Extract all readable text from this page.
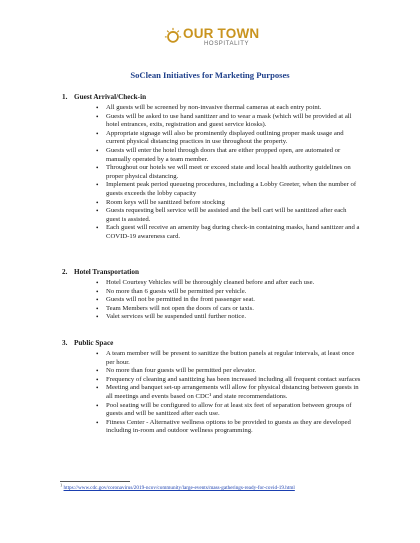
OUR TOWN
HOSPITALITY
SoClean Initiatives for Marketing Purposes
1. Guest Arrival/Check-in
• All guests will be screened by non-invasive thermal cameras at each entry point.
• Guests will be asked to use hand sanitizer and to wear a mask (which will be provided at all hotel entrances, exits, registration and guest service kiosks).
• Appropriate signage will also be prominently displayed outlining proper mask usage and current physical distancing practices in use throughout the property.
• Guests will enter the hotel through doors that are either propped open, are automated or manually operated by a team member.
• Throughout our hotels we will meet or exceed state and local health authority guidelines on proper physical distancing.
• Implement peak period queueing procedures, including a Lobby Greeter, when the number of guests exceeds the lobby capacity
• Room keys will be sanitized before stocking
• Guests requesting bell service will be assisted and the bell cart will be sanitized after each guest is assisted.
• Each guest will receive an amenity bag during check-in containing masks, hand sanitizer and a COVID-19 awareness card.
2. Hotel Transportation
• Hotel Courtesy Vehicles will be thoroughly cleaned before and after each use.
• No more than 6 guests will be permitted per vehicle.
• Guests will not be permitted in the front passenger seat.
• Team Members will not open the doors of cars or taxis.
• Valet services will be suspended until further notice.
3. Public Space
• A team member will be present to sanitize the button panels at regular intervals, at least once per hour.
• No more than four guests will be permitted per elevator.
• Frequency of cleaning and sanitizing has been increased including all frequent contact surfaces
• Meeting and banquet set-up arrangements will allow for physical distancing between guests in all meetings and events based on CDC¹ and state recommendations.
• Pool seating will be configured to allow for at least six feet of separation between groups of guests and will be sanitized after each use.
• Fitness Center - Alternative wellness options to be provided to guests as they are developed including in-room and outdoor wellness programming.
$^1$ https://www.cdc.gov/coronavirus/2019-ncov/community/large-events/mass-gatherings-ready-for-covid-19.html
